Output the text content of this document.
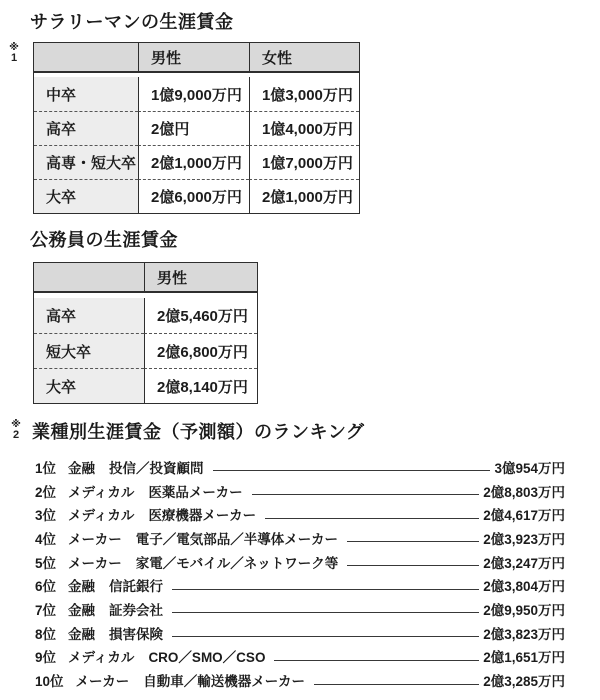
サラリーマンの生涯賃金
※
1	男性	女性
中卒	1億9,000万円	1億3,000万円
高卒	2億円	1億4,000万円
高専・短大卒 2億1,000万円	1億7,000万円
大卒	2億6,000万円	2億1,000万円
公務員の生涯賃金
男性
高卒	2億5,460万円
短大卒	2億6,800万円
大卒	2億8,140万円
※
2 業種別生涯賃金（予測額）のランキング
1位 金融 投信／投資顧問	3億954万円
2位 メディカル 医薬品メーカー	2億8,803万円
3位 メディカル 医療機器メーカー	2億4,617万円
4位 メーカー 電子／電気部品／半導体メーカー	2億3,923万円
5位 メーカー 家電／モバイル／ネットワーク等	2億3,247万円
6位 金融 信託銀行	2億3,804万円
7位 金融 証券会社	2億9,950万円
8位 金融 損害保険	2億3,823万円
9位 メディカル CRO／SMO／CSO	2億1,651万円
10位 メーカー 自動車／輸送機器メーカー	2億3,285万円
